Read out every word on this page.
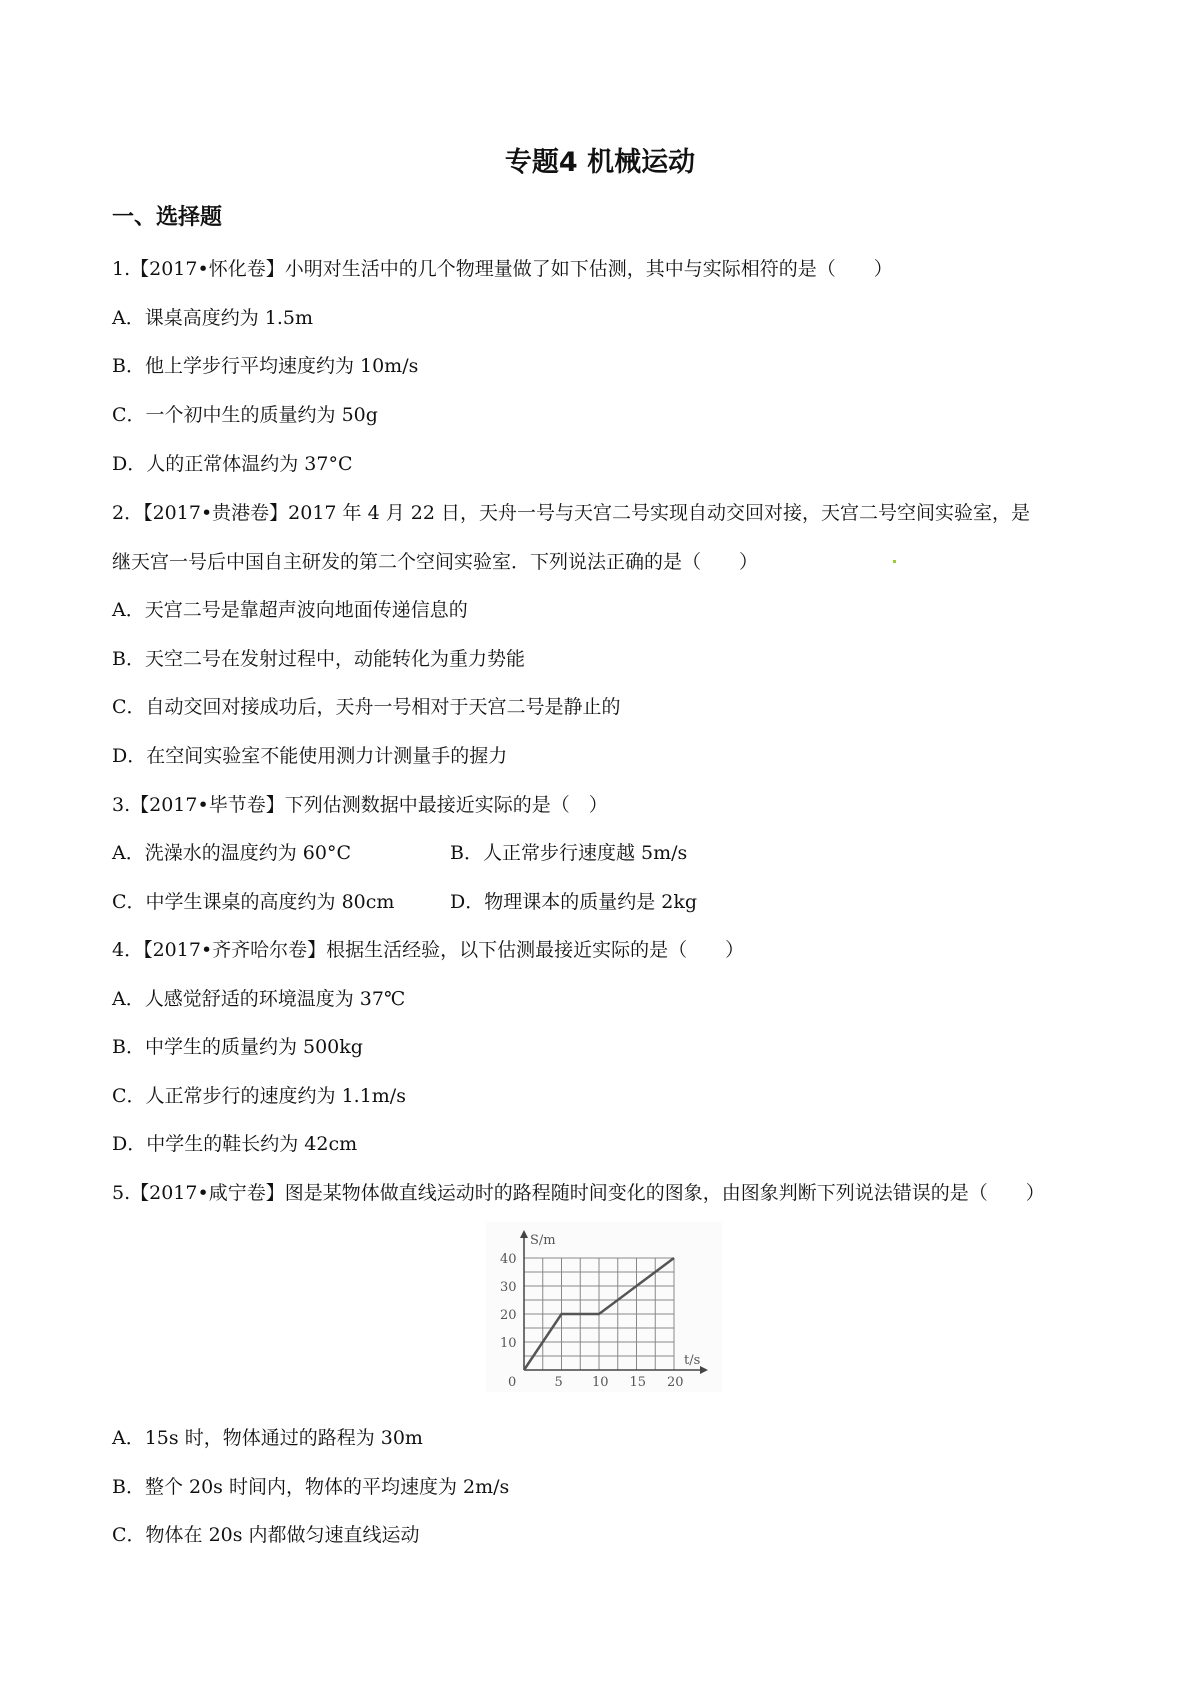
专题4 机械运动
一、选择题
1.【2017•怀化卷】小明对生活中的几个物理量做了如下估测，其中与实际相符的是（　　）
A．课桌高度约为 1.5m
B．他上学步行平均速度约为 10m/s
C．一个初中生的质量约为 50g
D．人的正常体温约为 37°C
2．【2017•贵港卷】2017 年 4 月 22 日，天舟一号与天宫二号实现自动交回对接，天宫二号空间实验室，是
继天宫一号后中国自主研发的第二个空间实验室．下列说法正确的是（　　）
A．天宫二号是靠超声波向地面传递信息的
B．天空二号在发射过程中，动能转化为重力势能
C．自动交回对接成功后，天舟一号相对于天宫二号是静止的
D．在空间实验室不能使用测力计测量手的握力
3.【2017•毕节卷】下列估测数据中最接近实际的是（　）
A．洗澡水的温度约为 60°C	B．人正常步行速度越 5m/s
C．中学生课桌的高度约为 80cm	D．物理课本的质量约是 2kg
4．【2017•齐齐哈尔卷】根据生活经验，以下估测最接近实际的是（　　）
A．人感觉舒适的环境温度为 37℃
B．中学生的质量约为 500kg
C．人正常步行的速度约为 1.1m/s
D．中学生的鞋长约为 42cm
5.【2017•咸宁卷】图是某物体做直线运动时的路程随时间变化的图象，由图象判断下列说法错误的是（　　）
5 10 15 20
10
20
30
40
S/m
t/s
0
A．15s 时，物体通过的路程为 30m
B．整个 20s 时间内，物体的平均速度为 2m/s
C．物体在 20s 内都做匀速直线运动
